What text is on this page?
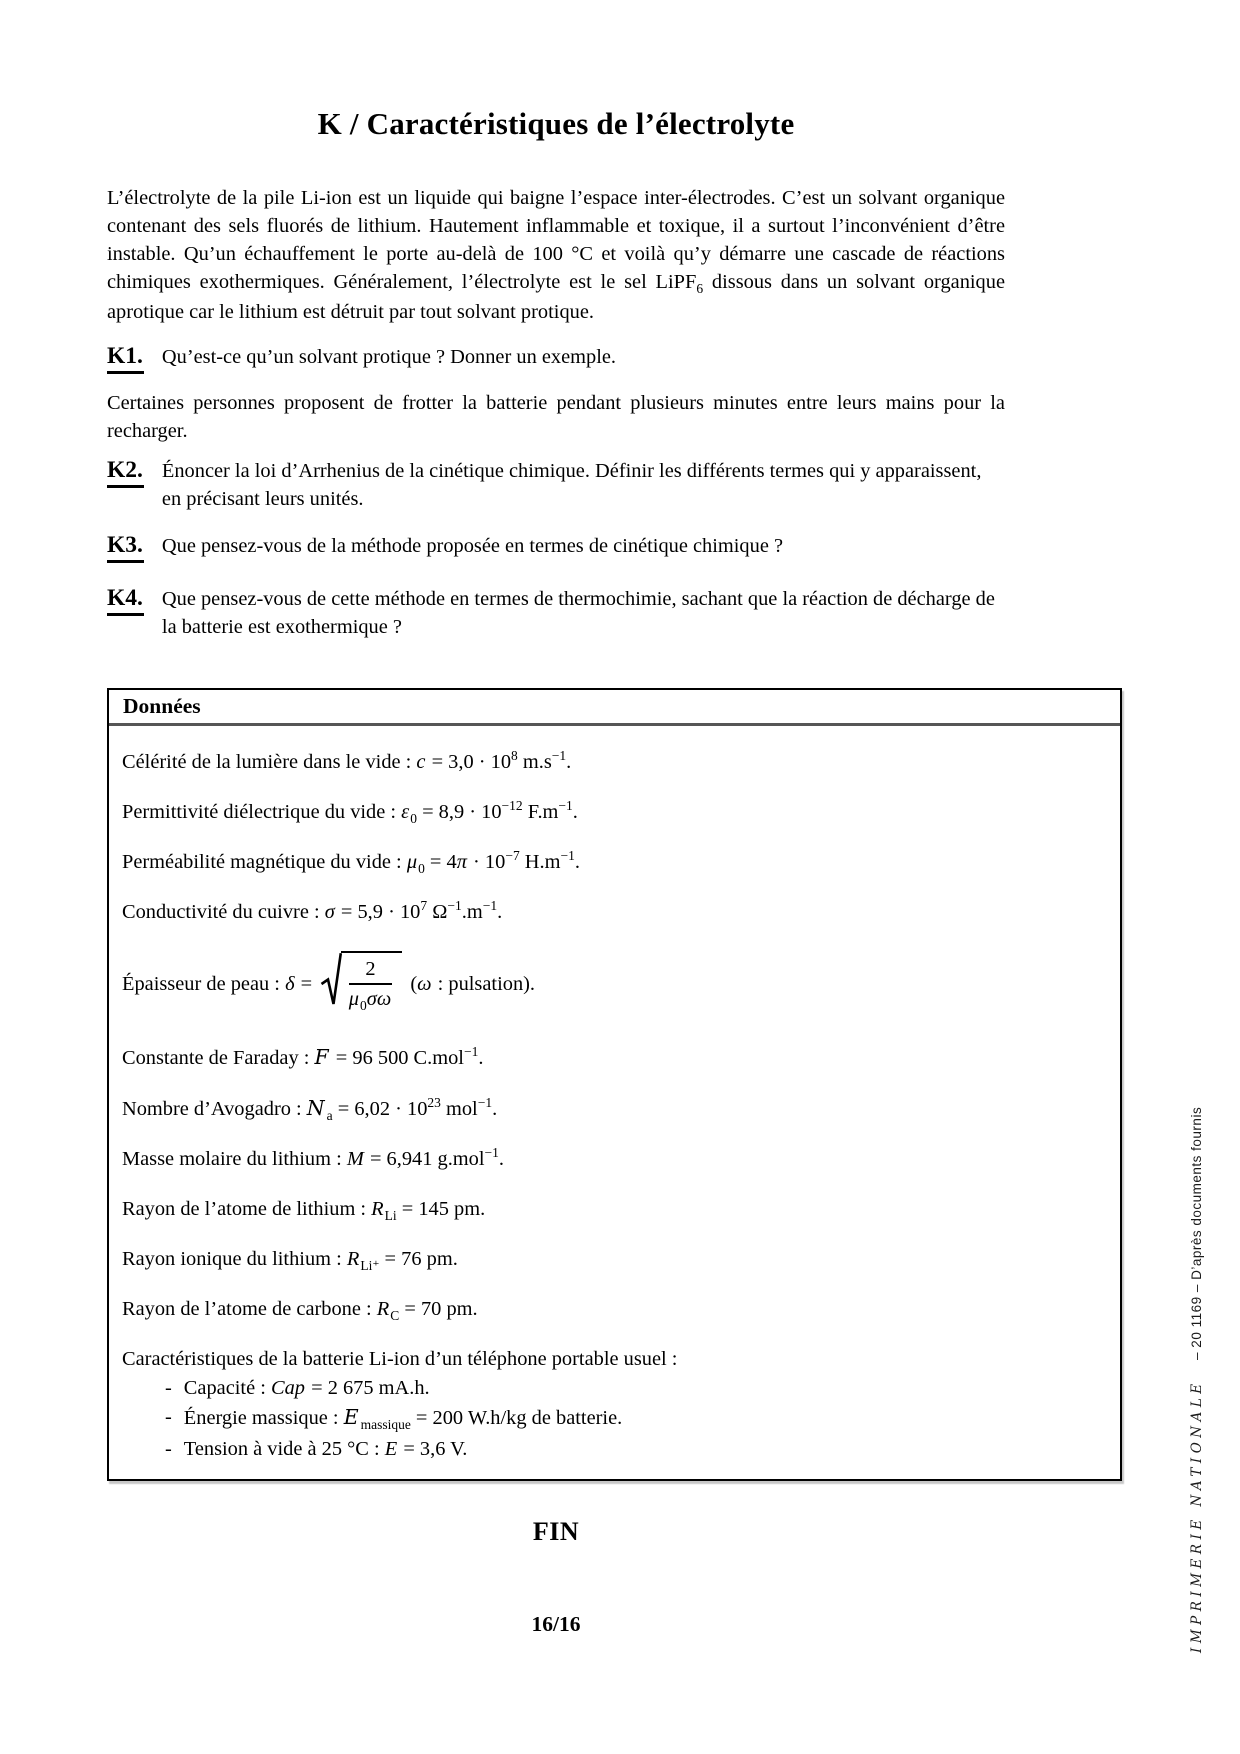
K / Caractéristiques de l’électrolyte

L’électrolyte de la pile Li-ion est un liquide qui baigne l’espace inter-électrodes. C’est un solvant organique contenant des sels fluorés de lithium. Hautement inflammable et toxique, il a surtout l’inconvénient d’être instable. Qu’un échauffement le porte au-delà de 100 °C et voilà qu’y démarre une cascade de réactions chimiques exothermiques. Généralement, l’électrolyte est le sel LiPF$_6$ dissous dans un solvant organique aprotique car le lithium est détruit par tout solvant protique.

K1. Qu’est-ce qu’un solvant protique ? Donner un exemple.

Certaines personnes proposent de frotter la batterie pendant plusieurs minutes entre leurs mains pour la recharger.

K2. Énoncer la loi d’Arrhenius de la cinétique chimique. Définir les différents termes qui y apparaissent, en précisant leurs unités.
K3. Que pensez-vous de la méthode proposée en termes de cinétique chimique ?
K4. Que pensez-vous de cette méthode en termes de thermochimie, sachant que la réaction de décharge de la batterie est exothermique ?
Données
Célérité de la lumière dans le vide : $c = 3,0 \cdot 10^8$ $m.s^{-1}$.
Permittivité diélectrique du vide : $\varepsilon_0 = 8,9 \cdot 10^{-12}$ $F.m^{-1}$.
Perméabilité magnétique du vide : $\mu_0 = 4\pi \cdot 10^{-7}$ $H.m^{-1}$.
Conductivité du cuivre : $\sigma = 5,9 \cdot 10^7$ $\Omega^{-1}.m^{-1}$.
Épaisseur de peau : $\delta = \frac{2}{\mu_0\sigma\omega} (\omega$ : pulsation).
Constante de Faraday : F = 96 500 C.mol$^{-1}$.
Nombre d’Avogadro : N $_a = 6,02 \cdot 10^{23}$ mol$^{-1}$.
Masse molaire du lithium : M = 6,941 g.mol$^{-1}$.
Rayon de l’atome de lithium : $R_{Li} = 145$ pm.
Rayon ionique du lithium : $R_{Li^+} = 76$ pm.
Rayon de l’atome de carbone : $R_C = 70$ pm.
Caractéristiques de la batterie Li-ion d’un téléphone portable usuel :
- Capacité : Cap = 2 675 mA.h.
- Énergie massique : E $_{massique}$ = 200 W.h/kg de batterie.
- Tension à vide à 25 °C : E = 3,6 V.
FIN
16/16	IMPRIMERIE NATIONALE – 20 1169 – D’après documents fournis
